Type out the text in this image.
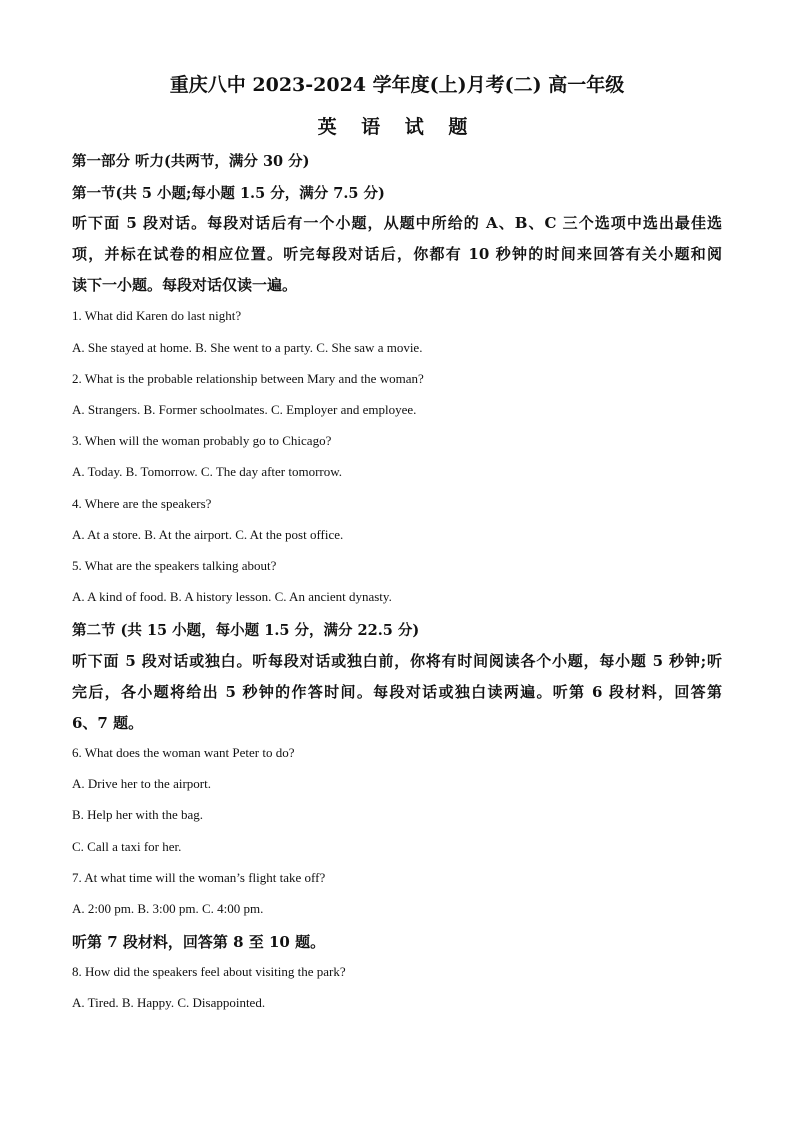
重庆八中 2023-2024 学年度(上)月考(二) 高一年级
英 语 试 题
第一部分 听力(共两节，满分 30 分)
第一节(共 5 小题;每小题 1.5 分，满分 7.5 分)
听下面 5 段对话。每段对话后有一个小题，从题中所给的 A、B、C 三个选项中选出最佳选
项，并标在试卷的相应位置。听完每段对话后，你都有 10 秒钟的时间来回答有关小题和阅
读下一小题。每段对话仅读一遍。
1. What did Karen do last night?
A. She stayed at home. B. She went to a party. C. She saw a movie.
2. What is the probable relationship between Mary and the woman?
A. Strangers. B. Former schoolmates. C. Employer and employee.
3. When will the woman probably go to Chicago?
A. Today. B. Tomorrow. C. The day after tomorrow.
4. Where are the speakers?
A. At a store. B. At the airport. C. At the post office.
5. What are the speakers talking about?
A. A kind of food. B. A history lesson. C. An ancient dynasty.
第二节 (共 15 小题，每小题 1.5 分，满分 22.5 分)
听下面 5 段对话或独白。听每段对话或独白前，你将有时间阅读各个小题，每小题 5 秒钟;听
完后，各小题将给出 5 秒钟的作答时间。每段对话或独白读两遍。听第 6 段材料，回答第
6、7 题。
6. What does the woman want Peter to do?
A. Drive her to the airport.
B. Help her with the bag.
C. Call a taxi for her.
7. At what time will the woman’s flight take off?
A. 2:00 pm. B. 3:00 pm. C. 4:00 pm.
听第 7 段材料，回答第 8 至 10 题。
8. How did the speakers feel about visiting the park?
A. Tired. B. Happy. C. Disappointed.
